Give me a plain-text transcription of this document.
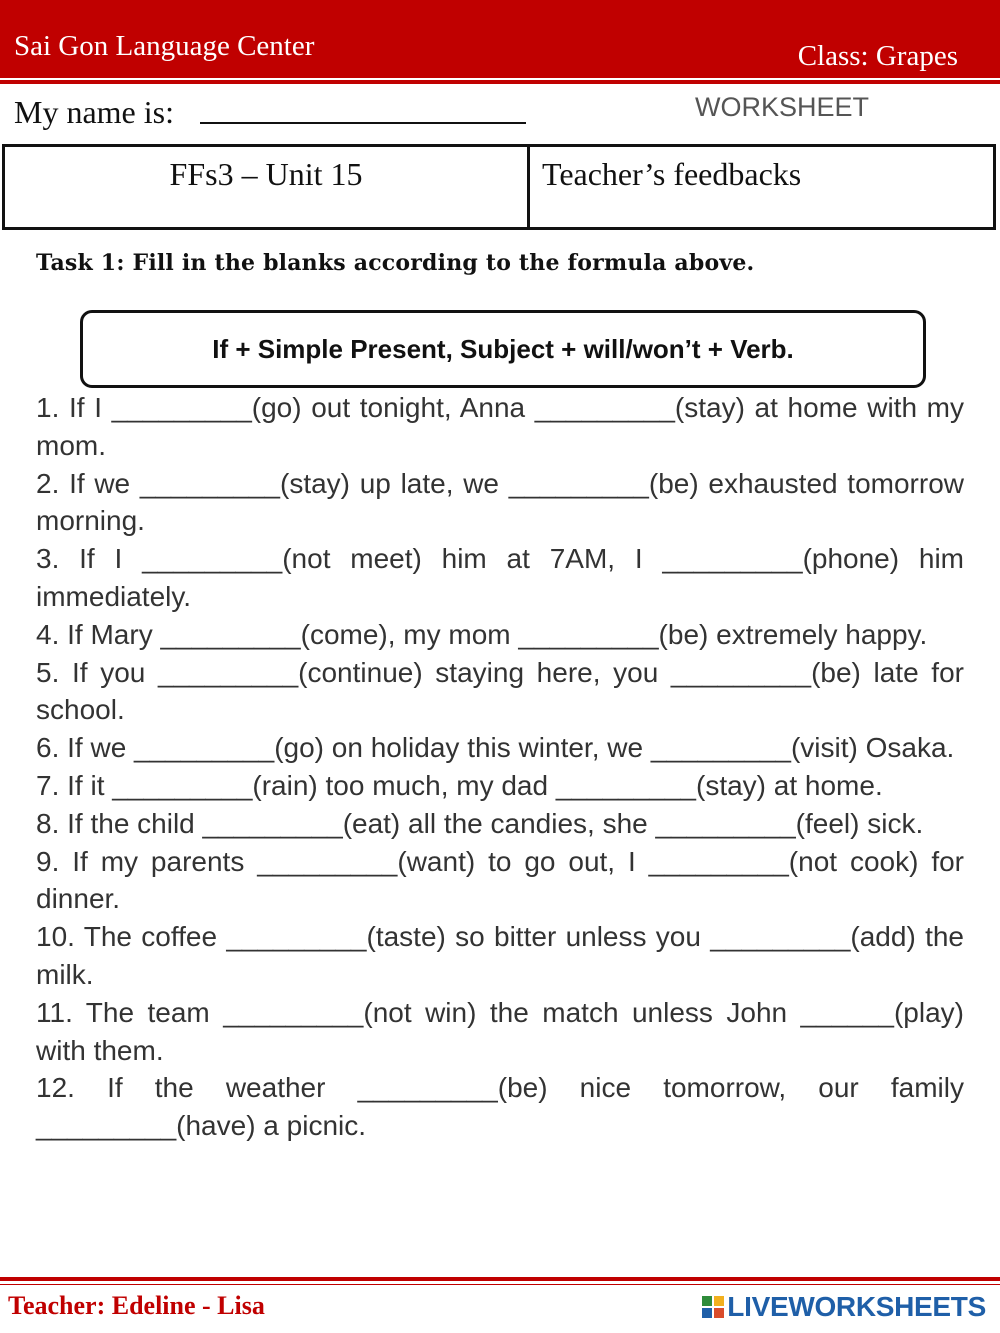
Sai Gon Language Center	Class: Grapes
My name is:	WORKSHEET
FFs3 – Unit 15	Teacher’s feedbacks
Task 1: Fill in the blanks according to the formula above.
If + Simple Present, Subject + will/won’t + Verb.

1. If I _________(go) out tonight, Anna _________(stay) at home with my mom.

2. If we _________(stay) up late, we _________(be) exhausted tomorrow morning.

3. If I _________(not meet) him at 7AM, I _________(phone) him immediately.

4. If Mary _________(come), my mom _________(be) extremely happy.

5. If you _________(continue) staying here, you _________(be) late for school.

6. If we _________(go) on holiday this winter, we _________(visit) Osaka.

7. If it _________(rain) too much, my dad _________(stay) at home.

8. If the child _________(eat) all the candies, she _________(feel) sick.

9. If my parents _________(want) to go out, I _________(not cook) for dinner.

10. The coffee _________(taste) so bitter unless you _________(add) the milk.

11. The team _________(not win) the match unless John ______(play) with them.

12. If the weather _________(be) nice tomorrow, our family _________(have) a picnic.

Teacher: Edeline - Lisa	LIVEWORKSHEETS
